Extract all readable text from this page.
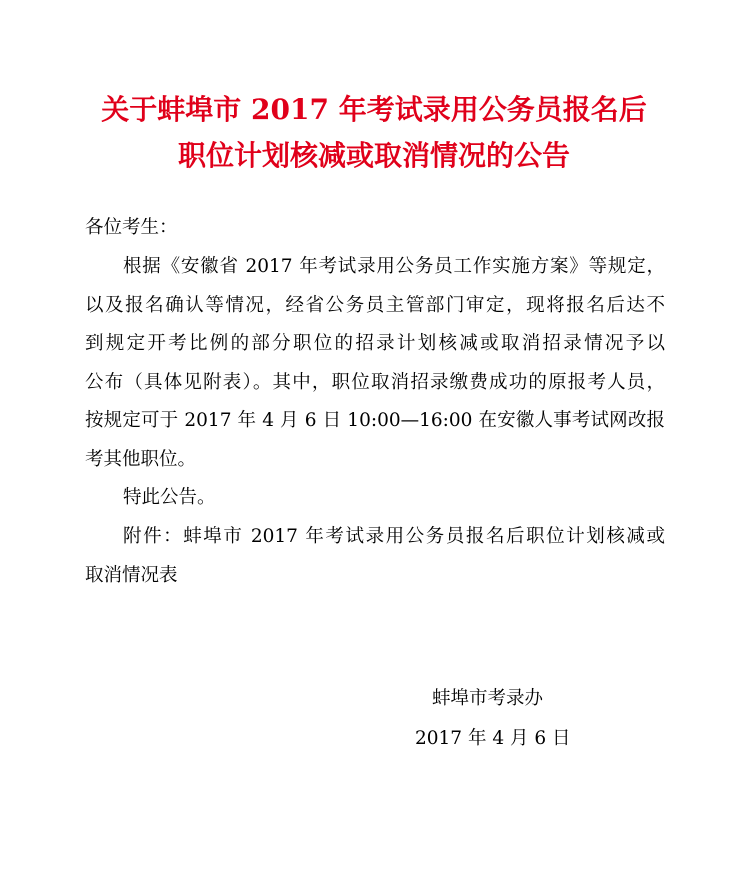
关于蚌埠市 2017 年考试录用公务员报名后
职位计划核减或取消情况的公告
各位考生：
根据《安徽省 2017 年考试录用公务员工作实施方案》等规定，
以及报名确认等情况，经省公务员主管部门审定，现将报名后达不
到规定开考比例的部分职位的招录计划核减或取消招录情况予以
公布（具体见附表）。其中，职位取消招录缴费成功的原报考人员，
按规定可于 2017 年 4 月 6 日 10:00—16:00 在安徽人事考试网改报
考其他职位。
特此公告。
附件：蚌埠市 2017 年考试录用公务员报名后职位计划核减或
取消情况表
蚌埠市考录办
2017 年 4 月 6 日
